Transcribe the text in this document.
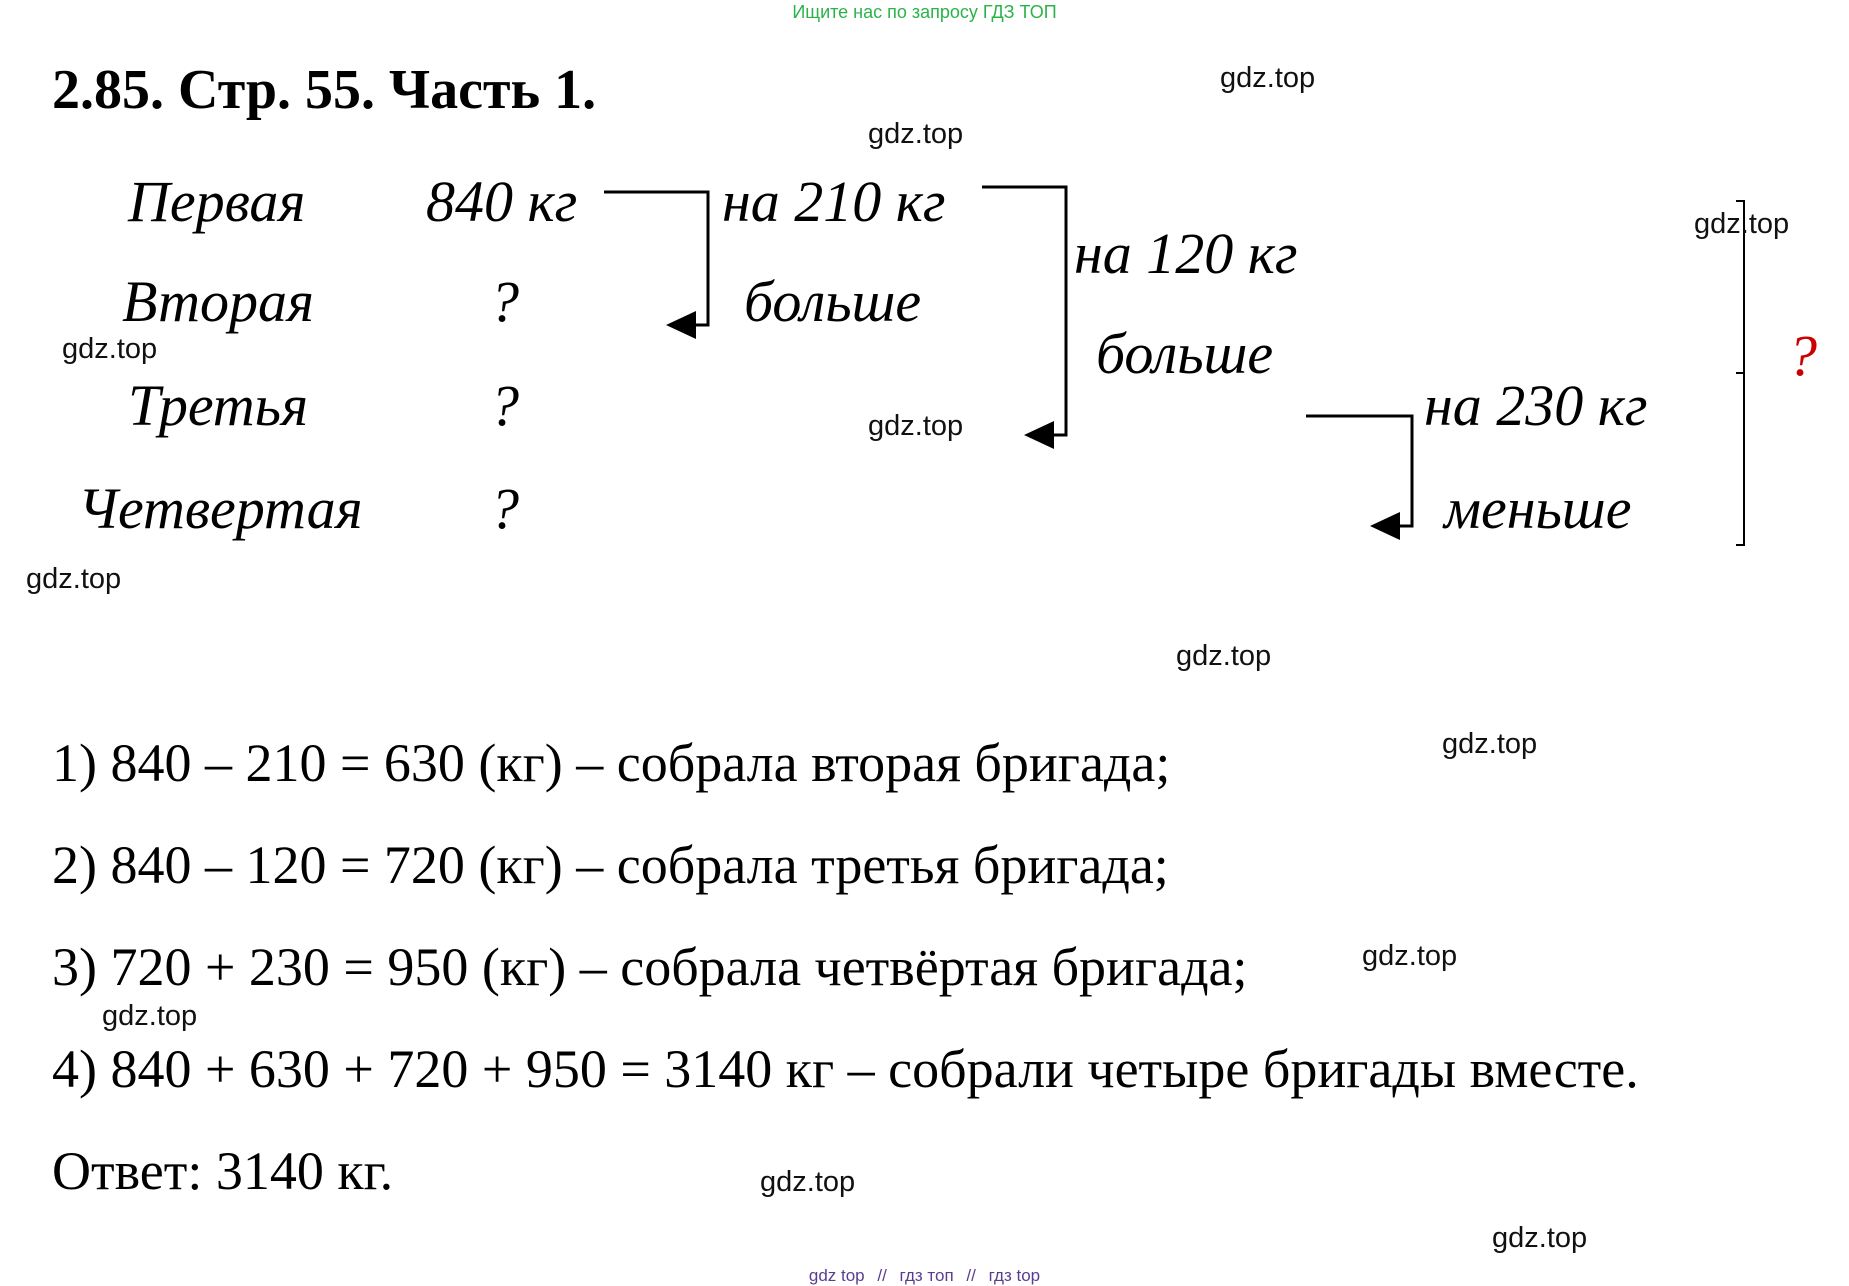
Ищите нас по запросу ГДЗ ТОП
2.85. Стр. 55. Часть 1.
Первая
Вторая
Третья
Четвертая
840 кг
?
?
?
на 210 кг
больше
на 120 кг
больше
на 230 кг
меньше
?
1) 840 – 210 = 630 (кг) – собрала вторая бригада;
2) 840 – 120 = 720 (кг) – собрала третья бригада;
3) 720 + 230 = 950 (кг) – собрала четвёртая бригада;
4) 840 + 630 + 720 + 950 = 3140 кг – собрали четыре бригады вместе.
Ответ: 3140 кг.
gdz.top
gdz.top
gdz.top
gdz.top
gdz.top
gdz.top
gdz.top
gdz.top
gdz.top
gdz.top
gdz.top
gdz.top
gdz top // гдз топ // гдз top
